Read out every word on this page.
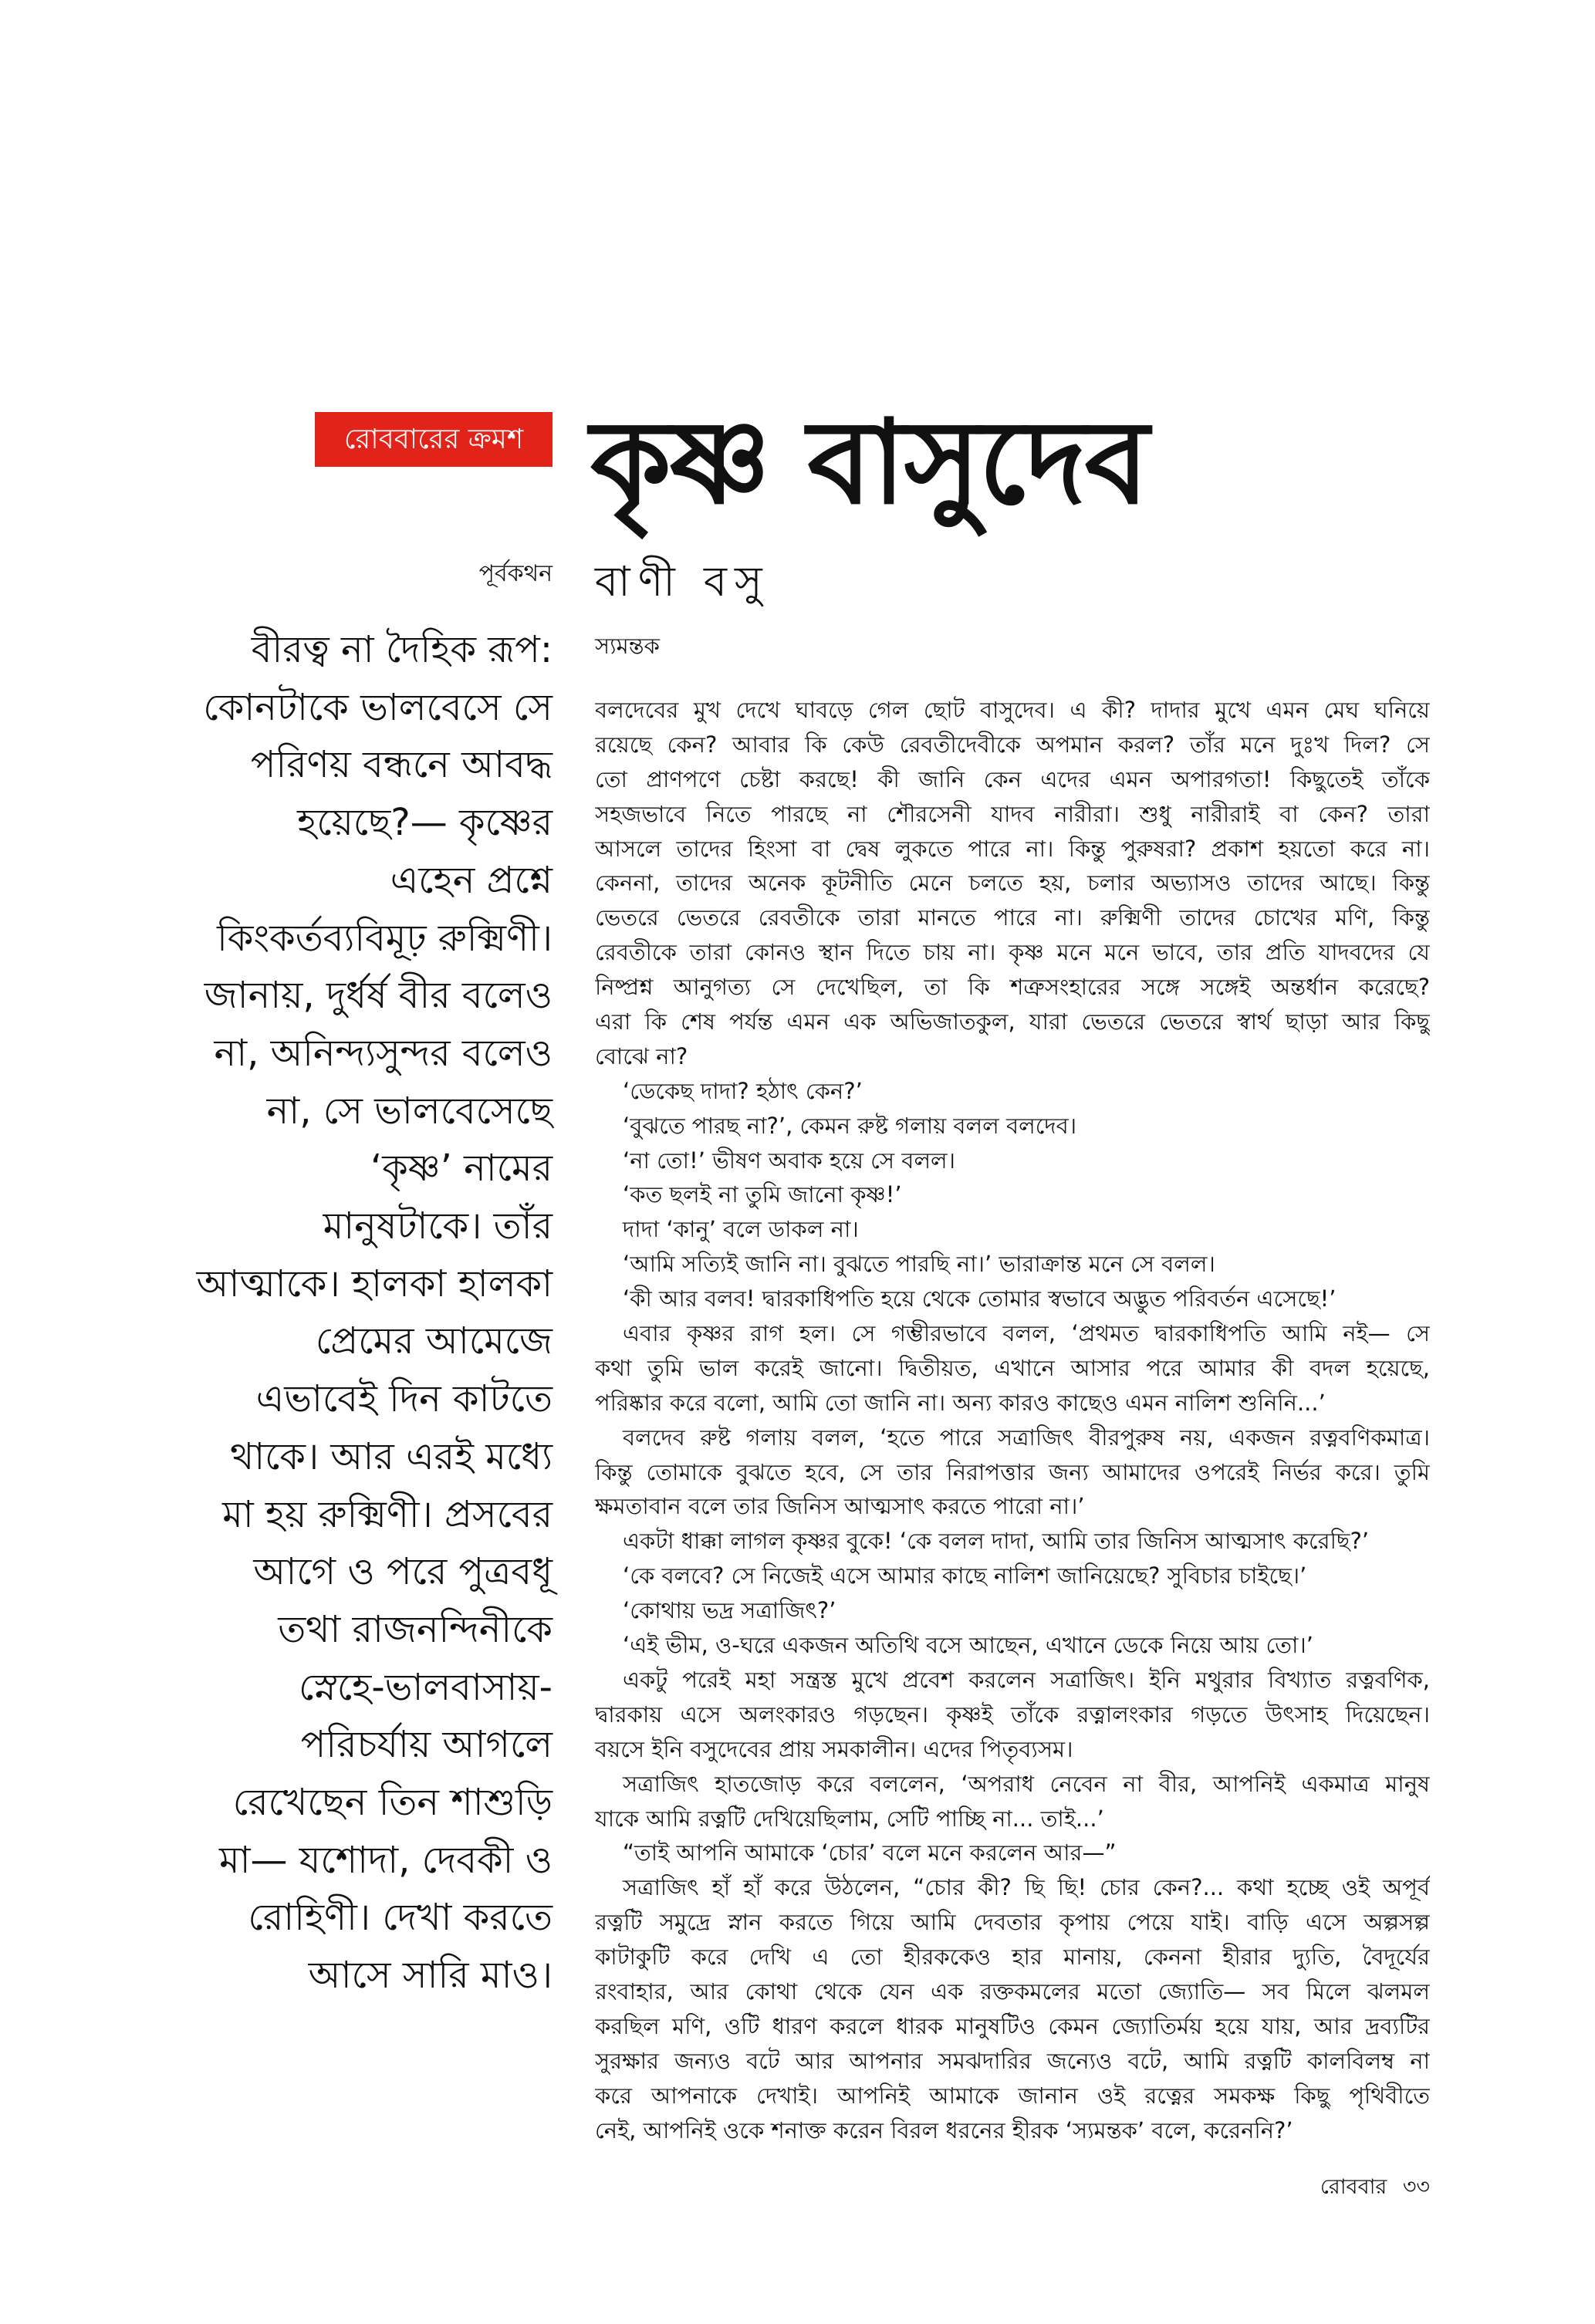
রোববারের ক্রমশ কৃষ্ণ বাসুদেব
পূর্বকথন বাণী বসু
স্যমন্তক
বীরত্ব না দৈহিক রূপ:
কোনটাকে ভালবেসে সে
পরিণয় বন্ধনে আবদ্ধ
হয়েছে?— কৃষ্ণের
এহেন প্রশ্নে
কিংকর্তব্যবিমূঢ় রুক্মিণী।
জানায়, দুর্ধর্ষ বীর বলেও
না, অনিন্দ্যসুন্দর বলেও
না, সে ভালবেসেছে
‘কৃষ্ণ’ নামের
মানুষটাকে। তাঁর
আত্মাকে। হালকা হালকা
প্রেমের আমেজে
এভাবেই দিন কাটতে
থাকে। আর এরই মধ্যে
মা হয় রুক্মিণী। প্রসবের
আগে ও পরে পুত্রবধূ
তথা রাজনন্দিনীকে
স্নেহে-ভালবাসায়-
পরিচর্যায় আগলে
রেখেছেন তিন শাশুড়ি
মা— যশোদা, দেবকী ও
রোহিণী। দেখা করতে
আসে সারি মাও।
বলদেবের মুখ দেখে ঘাবড়ে গেল ছোট বাসুদেব। এ কী? দাদার মুখে এমন মেঘ ঘনিয়ে
রয়েছে কেন? আবার কি কেউ রেবতীদেবীকে অপমান করল? তাঁর মনে দুঃখ দিল? সে
তো প্রাণপণে চেষ্টা করছে! কী জানি কেন এদের এমন অপারগতা! কিছুতেই তাঁকে
সহজভাবে নিতে পারছে না শৌরসেনী যাদব নারীরা। শুধু নারীরাই বা কেন? তারা
আসলে তাদের হিংসা বা দ্বেষ লুকতে পারে না। কিন্তু পুরুষরা? প্রকাশ হয়তো করে না।
কেননা, তাদের অনেক কূটনীতি মেনে চলতে হয়, চলার অভ্যাসও তাদের আছে। কিন্তু
ভেতরে ভেতরে রেবতীকে তারা মানতে পারে না। রুক্মিণী তাদের চোখের মণি, কিন্তু
রেবতীকে তারা কোনও স্থান দিতে চায় না। কৃষ্ণ মনে মনে ভাবে, তার প্রতি যাদবদের যে
নিষ্প্রশ্ন আনুগত্য সে দেখেছিল, তা কি শত্রুসংহারের সঙ্গে সঙ্গেই অন্তর্ধান করেছে?
এরা কি শেষ পর্যন্ত এমন এক অভিজাতকুল, যারা ভেতরে ভেতরে স্বার্থ ছাড়া আর কিছু
বোঝে না?
‘ডেকেছ দাদা? হঠাৎ কেন?’
‘বুঝতে পারছ না?’, কেমন রুষ্ট গলায় বলল বলদেব।
‘না তো!’ ভীষণ অবাক হয়ে সে বলল।
‘কত ছলই না তুমি জানো কৃষ্ণ!’
দাদা ‘কানু’ বলে ডাকল না।
‘আমি সত্যিই জানি না। বুঝতে পারছি না।’ ভারাক্রান্ত মনে সে বলল।
‘কী আর বলব! দ্বারকাধিপতি হয়ে থেকে তোমার স্বভাবে অদ্ভুত পরিবর্তন এসেছে!’
এবার কৃষ্ণর রাগ হল। সে গম্ভীরভাবে বলল, ‘প্রথমত দ্বারকাধিপতি আমি নই— সে
কথা তুমি ভাল করেই জানো। দ্বিতীয়ত, এখানে আসার পরে আমার কী বদল হয়েছে,
পরিষ্কার করে বলো, আমি তো জানি না। অন্য কারও কাছেও এমন নালিশ শুনিনি...’
বলদেব রুষ্ট গলায় বলল, ‘হতে পারে সত্রাজিৎ বীরপুরুষ নয়, একজন রত্নবণিকমাত্র।
কিন্তু তোমাকে বুঝতে হবে, সে তার নিরাপত্তার জন্য আমাদের ওপরেই নির্ভর করে। তুমি
ক্ষমতাবান বলে তার জিনিস আত্মসাৎ করতে পারো না।’
একটা ধাক্কা লাগল কৃষ্ণর বুকে! ‘কে বলল দাদা, আমি তার জিনিস আত্মসাৎ করেছি?’
‘কে বলবে? সে নিজেই এসে আমার কাছে নালিশ জানিয়েছে? সুবিচার চাইছে।’
‘কোথায় ভদ্র সত্রাজিৎ?’
‘এই ভীম, ও-ঘরে একজন অতিথি বসে আছেন, এখানে ডেকে নিয়ে আয় তো।’
একটু পরেই মহা সন্ত্রস্ত মুখে প্রবেশ করলেন সত্রাজিৎ। ইনি মথুরার বিখ্যাত রত্নবণিক,
দ্বারকায় এসে অলংকারও গড়ছেন। কৃষ্ণই তাঁকে রত্নালংকার গড়তে উৎসাহ দিয়েছেন।
বয়সে ইনি বসুদেবের প্রায় সমকালীন। এদের পিতৃব্যসম।
সত্রাজিৎ হাতজোড় করে বললেন, ‘অপরাধ নেবেন না বীর, আপনিই একমাত্র মানুষ
যাকে আমি রত্নটি দেখিয়েছিলাম, সেটি পাচ্ছি না... তাই...’
“তাই আপনি আমাকে ‘চোর’ বলে মনে করলেন আর—”
সত্রাজিৎ হাঁ হাঁ করে উঠলেন, “চোর কী? ছি ছি! চোর কেন?... কথা হচ্ছে ওই অপূর্ব
রত্নটি সমুদ্রে স্নান করতে গিয়ে আমি দেবতার কৃপায় পেয়ে যাই। বাড়ি এসে অল্পসল্প
কাটাকুটি করে দেখি এ তো হীরককেও হার মানায়, কেননা হীরার দ্যুতি, বৈদূর্যের
রংবাহার, আর কোথা থেকে যেন এক রক্তকমলের মতো জ্যোতি— সব মিলে ঝলমল
করছিল মণি, ওটি ধারণ করলে ধারক মানুষটিও কেমন জ্যোতির্ময় হয়ে যায়, আর দ্রব্যটির
সুরক্ষার জন্যও বটে আর আপনার সমঝদারির জন্যেও বটে, আমি রত্নটি কালবিলম্ব না
করে আপনাকে দেখাই। আপনিই আমাকে জানান ওই রত্নের সমকক্ষ কিছু পৃথিবীতে
নেই, আপনিই ওকে শনাক্ত করেন বিরল ধরনের হীরক ‘স্যমন্তক’ বলে, করেননি?’
রোববার ৩৩
